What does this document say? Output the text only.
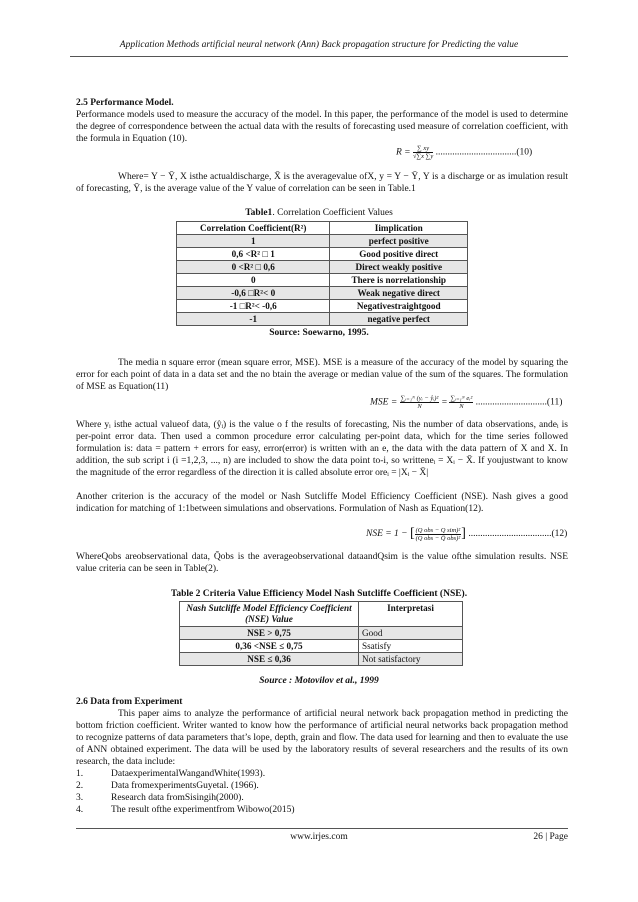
Application Methods artificial neural network (Ann) Back propagation structure for Predicting the value
2.5 Performance Model.
Performance models used to measure the accuracy of the model. In this paper, the performance of the model is used to determine the degree of correspondence between the actual data with the results of forecasting used measure of correlation coefficient, with the formula in Equation (10).
$R = \frac{\sum xy}{√\sum x \sum y} ..................................(10)$
Where= Y − Ȳ, X isthe actualdischarge, X̄ is the averagevalue ofX, y = Y − Ȳ, Y is a discharge or as imulation result of forecasting, Ȳ, is the average value of the Y value of correlation can be seen in Table.1
Table1. Correlation Coefficient Values
Correlation Coefficient(R²)	Iimplication
1	perfect positive
0,6 <R² □ 1	Good positive direct
0 <R² □ 0,6	Direct weakly positive
0	There is norrelationship
-0,6 □R²< 0	Weak negative direct
-1 □R²< -0,6	Negativestraightgood
-1	negative perfect
Source: Soewarno, 1995.
The media n square error (mean square error, MSE). MSE is a measure of the accuracy of the model by squaring the error for each point of data in a data set and the no btain the average or median value of the sum of the squares. The formulation of MSE as Equation(11)
MSE = $\frac{\text{∑ᵢ₌₁ᴺ (yᵢ − ŷᵢ)²}}{N} = \frac{\text{∑ᵢ₌₁ᴺ eᵢ²}}{N} ..............................(11)$
Where yᵢ isthe actual valueof data, (ŷᵢ) is the value o f the results of forecasting, Nis the number of data observations, andeᵢ is per-point error data. Then used a common procedure error calculating per-point data, which for the time series followed formulation is: data = pattern + errors for easy, error(error) is written with an e, the data with the data pattern of X and X. In addition, the sub script i (i =1,2,3, ..., n) are included to show the data point to-i, so writteneᵢ = Xᵢ − X̄. If youjustwant to know the magnitude of the error regardless of the direction it is called absolute error oreᵢ = |Xᵢ − X̄|
Another criterion is the accuracy of the model or Nash Sutcliffe Model Efficiency Coefficient (NSE). Nash gives a good indication for matching of 1:1between simulations and observations. Formulation of Nash as Equation(12).
NSE = 1 − [ $\frac{\text{(Q obs − Q sim)²}}{\text{(Q obs − Q̄ obs)²}}$ ] ...................................(12)
WhereQobs areobservational data, Q̄obs is the averageobservational dataandQsim is the value ofthe simulation results. NSE value criteria can be seen in Table(2).
Table 2 Criteria Value Efficiency Model Nash Sutcliffe Coefficient (NSE).
Nash Sutcliffe Model Efficiency Coefficient (NSE) Value	Interpretasi
NSE > 0,75	Good
0,36 <NSE ≤ 0,75	Ssatisfy
NSE ≤ 0,36	Not satisfactory
Source : Motovilov et al., 1999
2.6 Data from Experiment
This paper aims to analyze the performance of artificial neural network back propagation method in predicting the bottom friction coefficient. Writer wanted to know how the performance of artificial neural networks back propagation method to recognize patterns of data parameters that’s lope, depth, grain and flow. The data used for learning and then to evaluate the use of ANN obtained experiment. The data will be used by the laboratory results of several researchers and the results of its own research, the data include:
1.	DataexperimentalWangandWhite(1993).
2.	Data fromexperimentsGuyetal. (1966).
3.	Research data fromSisingih(2000).
4.	The result ofthe experimentfrom Wibowo(2015)
www.irjes.com	26 | Page
